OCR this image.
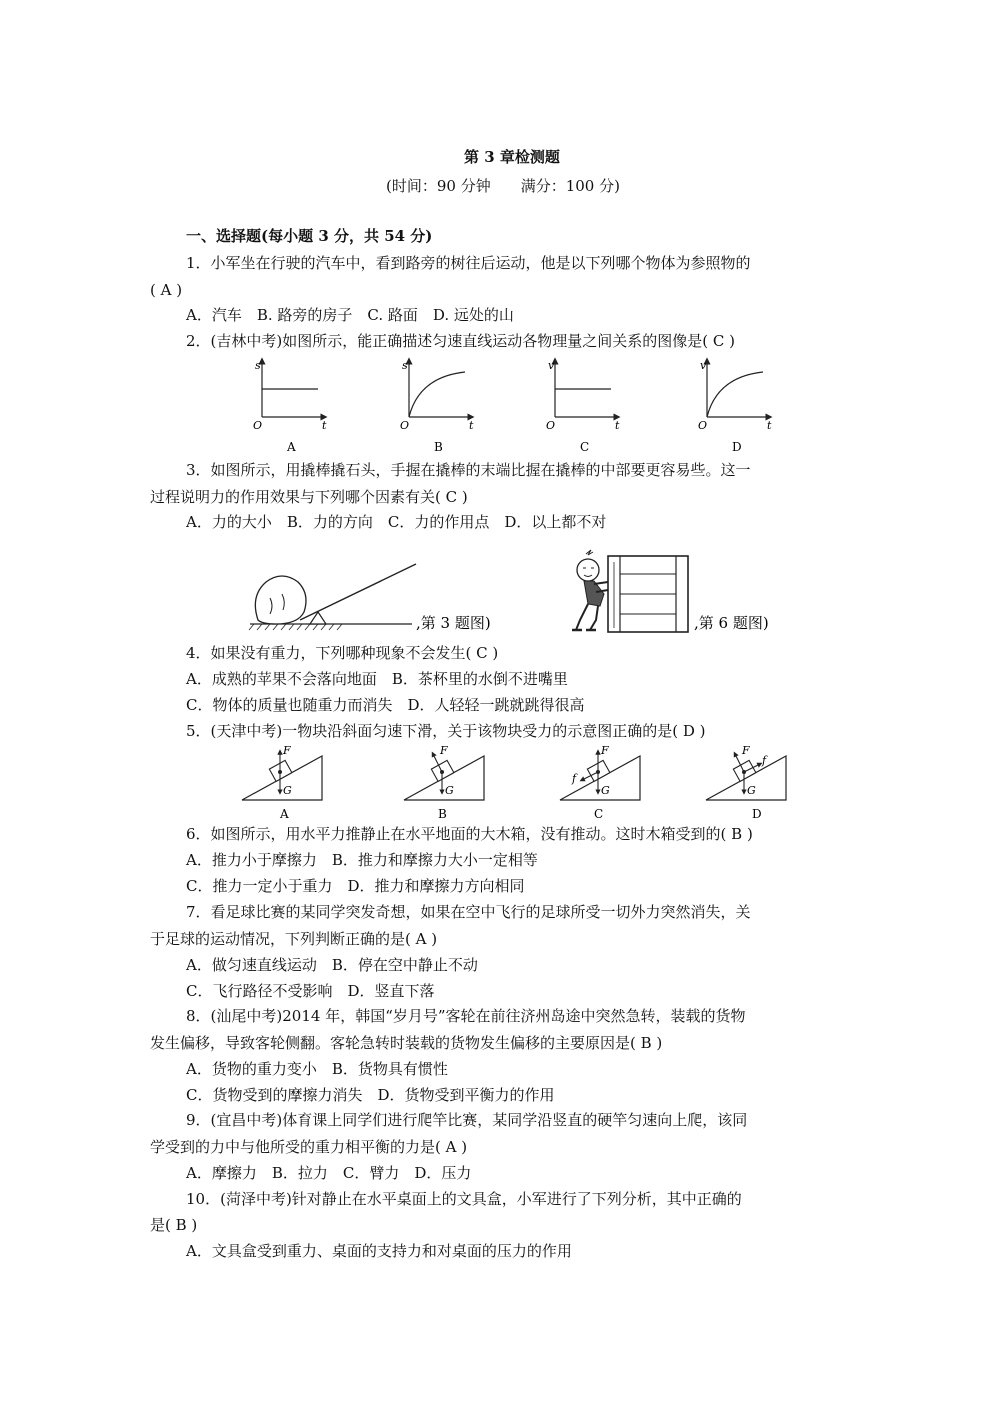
第 3 章检测题
(时间：90 分钟　　满分：100 分)
一、选择题(每小题 3 分，共 54 分)
1．小军坐在行驶的汽车中，看到路旁的树往后运动，他是以下列哪个物体为参照物的
( A )
A．汽车　B. 路旁的房子　C. 路面　D. 远处的山
2．(吉林中考)如图所示，能正确描述匀速直线运动各物理量之间关系的图像是( C )
s
t
O
A
s
t
O
B
v
t
O
C
v
t
O
D
3．如图所示，用撬棒撬石头，手握在撬棒的末端比握在撬棒的中部要更容易些。这一
过程说明力的作用效果与下列哪个因素有关( C )
A．力的大小　B．力的方向　C．力的作用点　D．以上都不对
,第 3 题图)	,第 6 题图)
4．如果没有重力，下列哪种现象不会发生( C )
A．成熟的苹果不会落向地面　B．茶杯里的水倒不进嘴里
C．物体的质量也随重力而消失　D．人轻轻一跳就跳得很高
5．(天津中考)一物块沿斜面匀速下滑，关于该物块受力的示意图正确的是( D )
F
G
A
F
G
B
F
f
G
C
F
f
G
D
6．如图所示，用水平力推静止在水平地面的大木箱，没有推动。这时木箱受到的( B )
A．推力小于摩擦力　B．推力和摩擦力大小一定相等
C．推力一定小于重力　D．推力和摩擦力方向相同
7．看足球比赛的某同学突发奇想，如果在空中飞行的足球所受一切外力突然消失，关
于足球的运动情况，下列判断正确的是( A )
A．做匀速直线运动　B．停在空中静止不动
C．飞行路径不受影响　D．竖直下落
8．(汕尾中考)2014 年，韩国“岁月号”客轮在前往济州岛途中突然急转，装载的货物
发生偏移，导致客轮侧翻。客轮急转时装载的货物发生偏移的主要原因是( B )
A．货物的重力变小　B．货物具有惯性
C．货物受到的摩擦力消失　D．货物受到平衡力的作用
9．(宜昌中考)体育课上同学们进行爬竿比赛，某同学沿竖直的硬竿匀速向上爬，该同
学受到的力中与他所受的重力相平衡的力是( A )
A．摩擦力　B．拉力　C．臂力　D．压力
10．(菏泽中考)针对静止在水平桌面上的文具盒，小军进行了下列分析，其中正确的
是( B )
A．文具盒受到重力、桌面的支持力和对桌面的压力的作用
